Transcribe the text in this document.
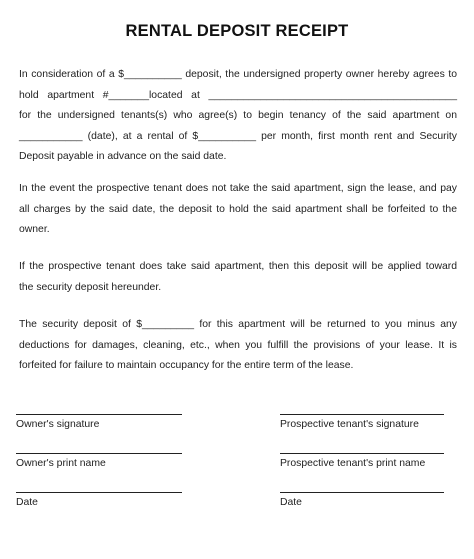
RENTAL DEPOSIT RECEIPT

In consideration of a $__________ deposit, the undersigned property owner hereby agrees to
hold apartment #_______located at ___________________________________________
for the undersigned tenants(s) who agree(s) to begin tenancy of the said apartment on
___________ (date), at a rental of $__________ per month, first month rent and Security
Deposit payable in advance on the said date.

In the event the prospective tenant does not take the said apartment, sign the lease, and pay
all charges by the said date, the deposit to hold the said apartment shall be forfeited to the
owner.

If the prospective tenant does take said apartment, then this deposit will be applied toward
the security deposit hereunder.

The security deposit of $_________ for this apartment will be returned to you minus any
deductions for damages, cleaning, etc., when you fulfill the provisions of your lease. It is
forfeited for failure to maintain occupancy for the entire term of the lease.

Owner's signature
Owner's print name
Date
Prospective tenant's signature
Prospective tenant's print name
Date
